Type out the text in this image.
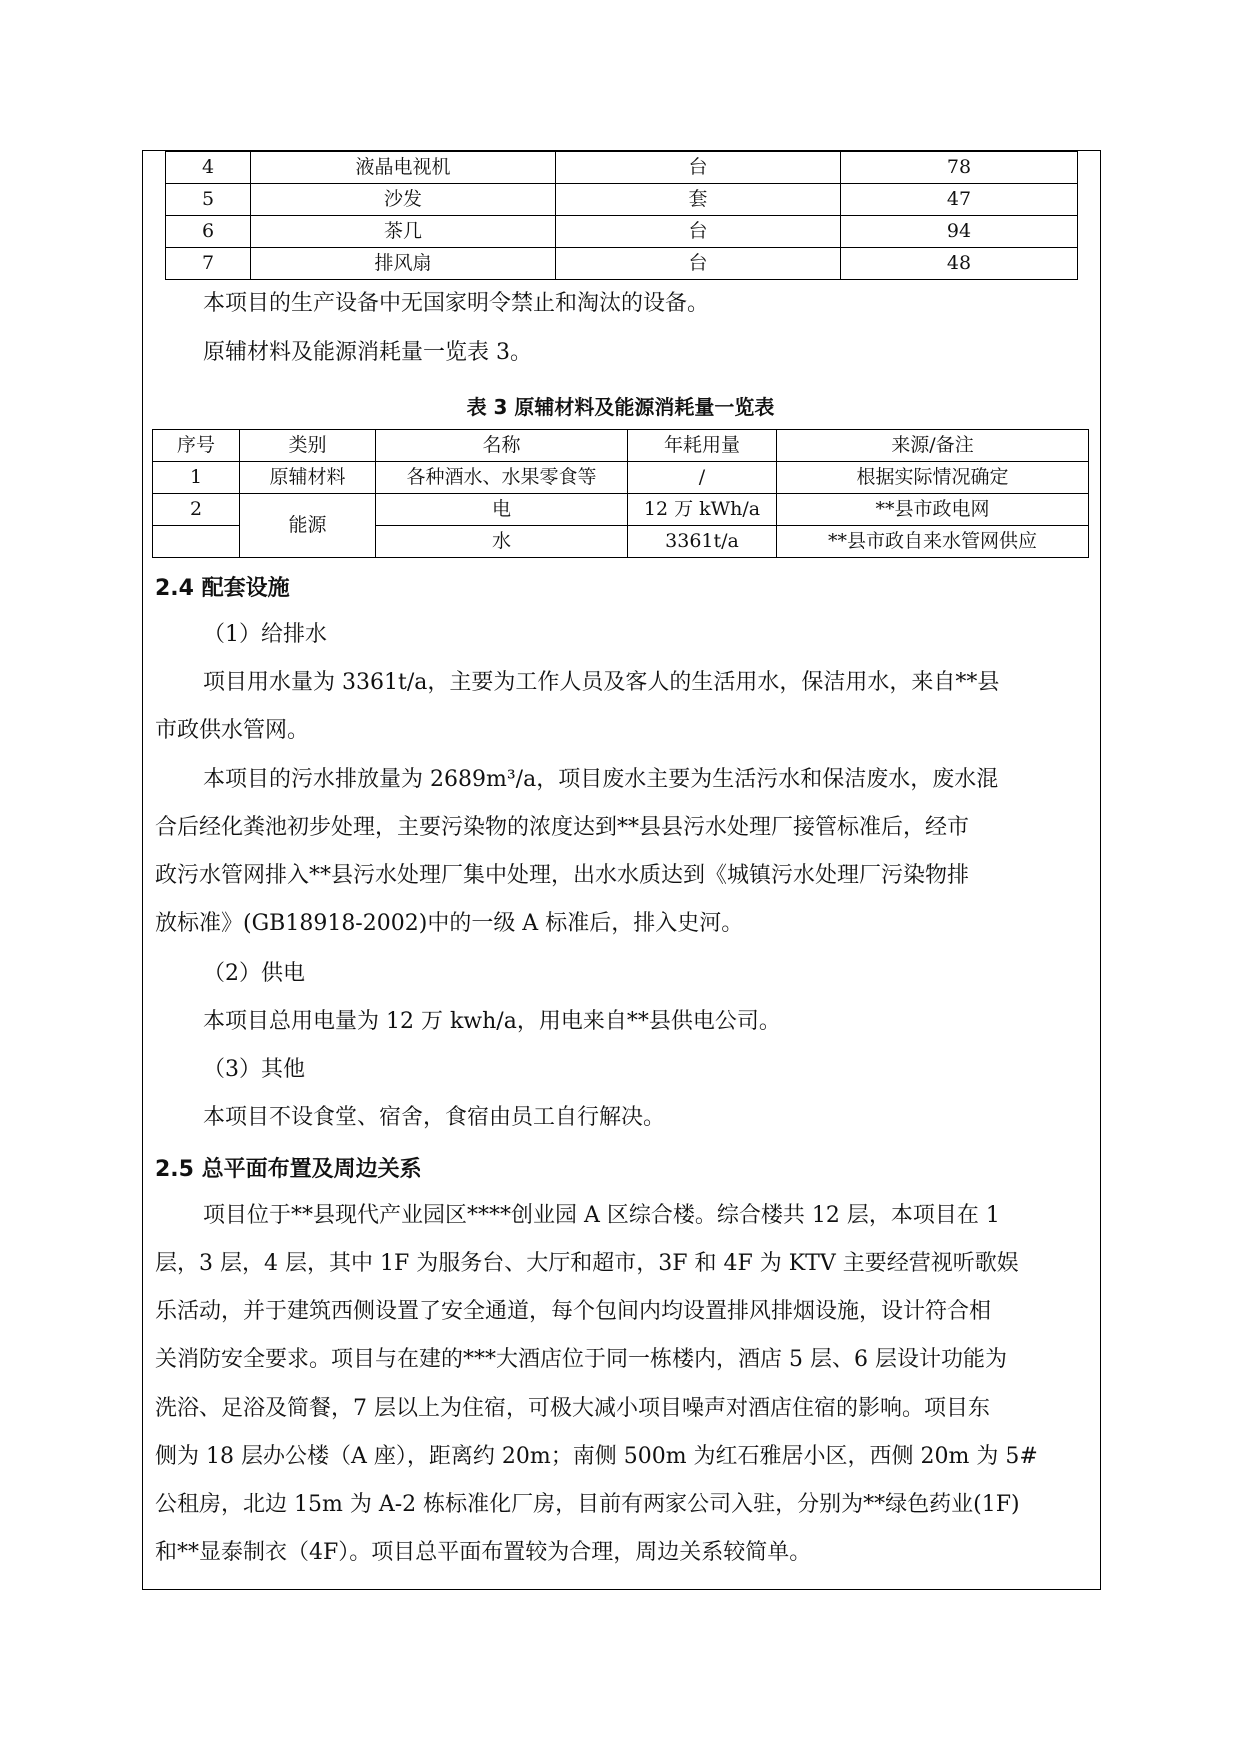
4	液晶电视机	台	78
5	沙发	套	47
6	茶几	台	94
7	排风扇	台	48
本项目的生产设备中无国家明令禁止和淘汰的设备。
原辅材料及能源消耗量一览表 3。
表 3 原辅材料及能源消耗量一览表
序号	类别	名称	年耗用量	来源/备注
1	原辅材料	各种酒水、水果零食等	/	根据实际情况确定
2	能源	电	12 万 kWh/a	**县市政电网
		水	3361t/a	**县市政自来水管网供应
2.4 配套设施
（1）给排水
项目用水量为 3361t/a，主要为工作人员及客人的生活用水，保洁用水，来自**县
市政供水管网。
本项目的污水排放量为 2689m³/a，项目废水主要为生活污水和保洁废水，废水混
合后经化粪池初步处理，主要污染物的浓度达到**县县污水处理厂接管标准后，经市
政污水管网排入**县污水处理厂集中处理，出水水质达到《城镇污水处理厂污染物排
放标准》(GB18918-2002)中的一级 A 标准后，排入史河。
（2）供电
本项目总用电量为 12 万 kwh/a，用电来自**县供电公司。
（3）其他
本项目不设食堂、宿舍，食宿由员工自行解决。
2.5 总平面布置及周边关系
项目位于**县现代产业园区****创业园 A 区综合楼。综合楼共 12 层，本项目在 1
层，3 层，4 层，其中 1F 为服务台、大厅和超市，3F 和 4F 为 KTV 主要经营视听歌娱
乐活动，并于建筑西侧设置了安全通道，每个包间内均设置排风排烟设施，设计符合相
关消防安全要求。项目与在建的***大酒店位于同一栋楼内，酒店 5 层、6 层设计功能为
洗浴、足浴及简餐，7 层以上为住宿，可极大减小项目噪声对酒店住宿的影响。项目东
侧为 18 层办公楼（A 座），距离约 20m；南侧 500m 为红石雅居小区，西侧 20m 为 5#
公租房，北边 15m 为 A-2 栋标准化厂房，目前有两家公司入驻，分别为**绿色药业(1F)
和**显泰制衣（4F）。项目总平面布置较为合理，周边关系较简单。
